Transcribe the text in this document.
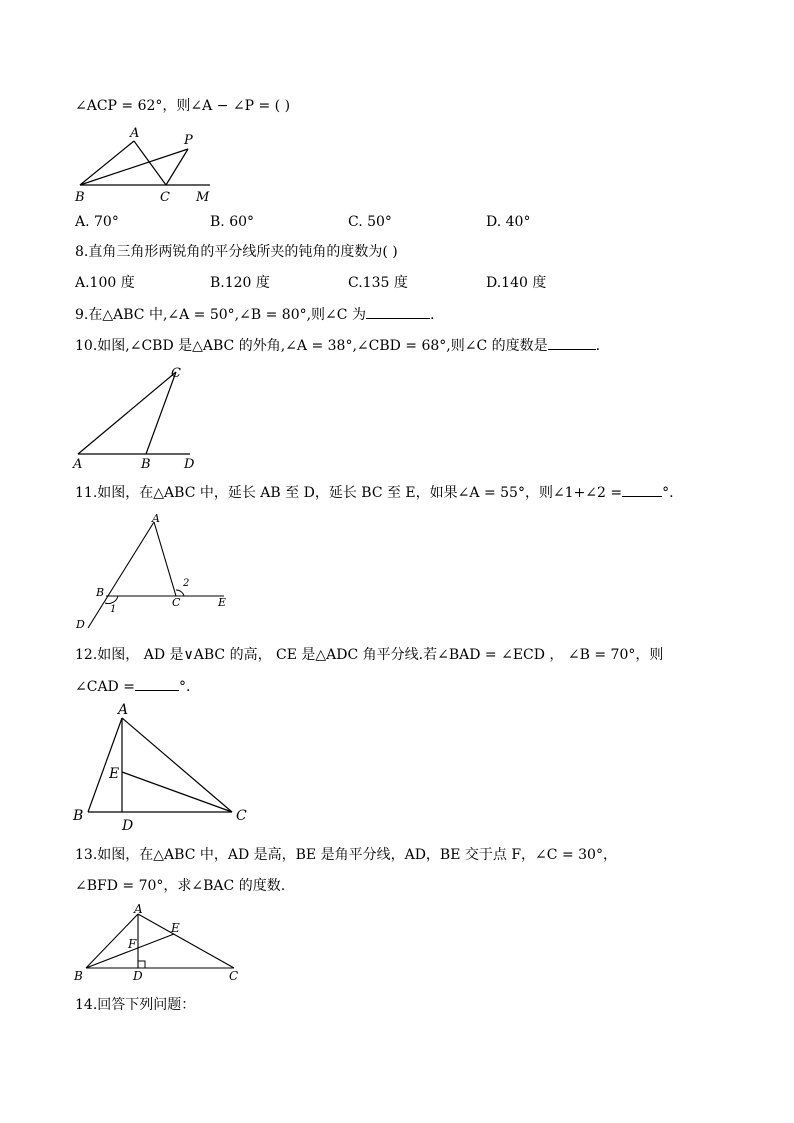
∠ACP = 62°，则∠A − ∠P = ( )
A	P
B	C M
A. 70°	B. 60°	C. 50°	D. 40°
8.直角三角形两锐角的平分线所夹的钝角的度数为( )
A.100 度	B.120 度	C.135 度	D.140 度
9.在△ABC 中,∠A = 50°,∠B = 80°,则∠C 为	.
10.如图,∠CBD 是△ABC 的外角,∠A = 38°,∠CBD = 68°,则∠C 的度数是	.
C
A	B	D
11.如图，在△ABC 中，延长 AB 至 D，延长 BC 至 E，如果∠A = 55°，则∠1+∠2 =	°.
A
B
C
D
E
1
2
12.如图， AD 是∨ABC 的高， CE 是△ADC 角平分线.若∠BAD = ∠ECD ， ∠B = 70°，则
∠CAD =	°.
A
E
B
D
C
13.如图，在△ABC 中，AD 是高，BE 是角平分线，AD，BE 交于点 F，∠C = 30°，
∠BFD = 70°，求∠BAC 的度数.
A
E
F
B	D	C
14.回答下列问题：
